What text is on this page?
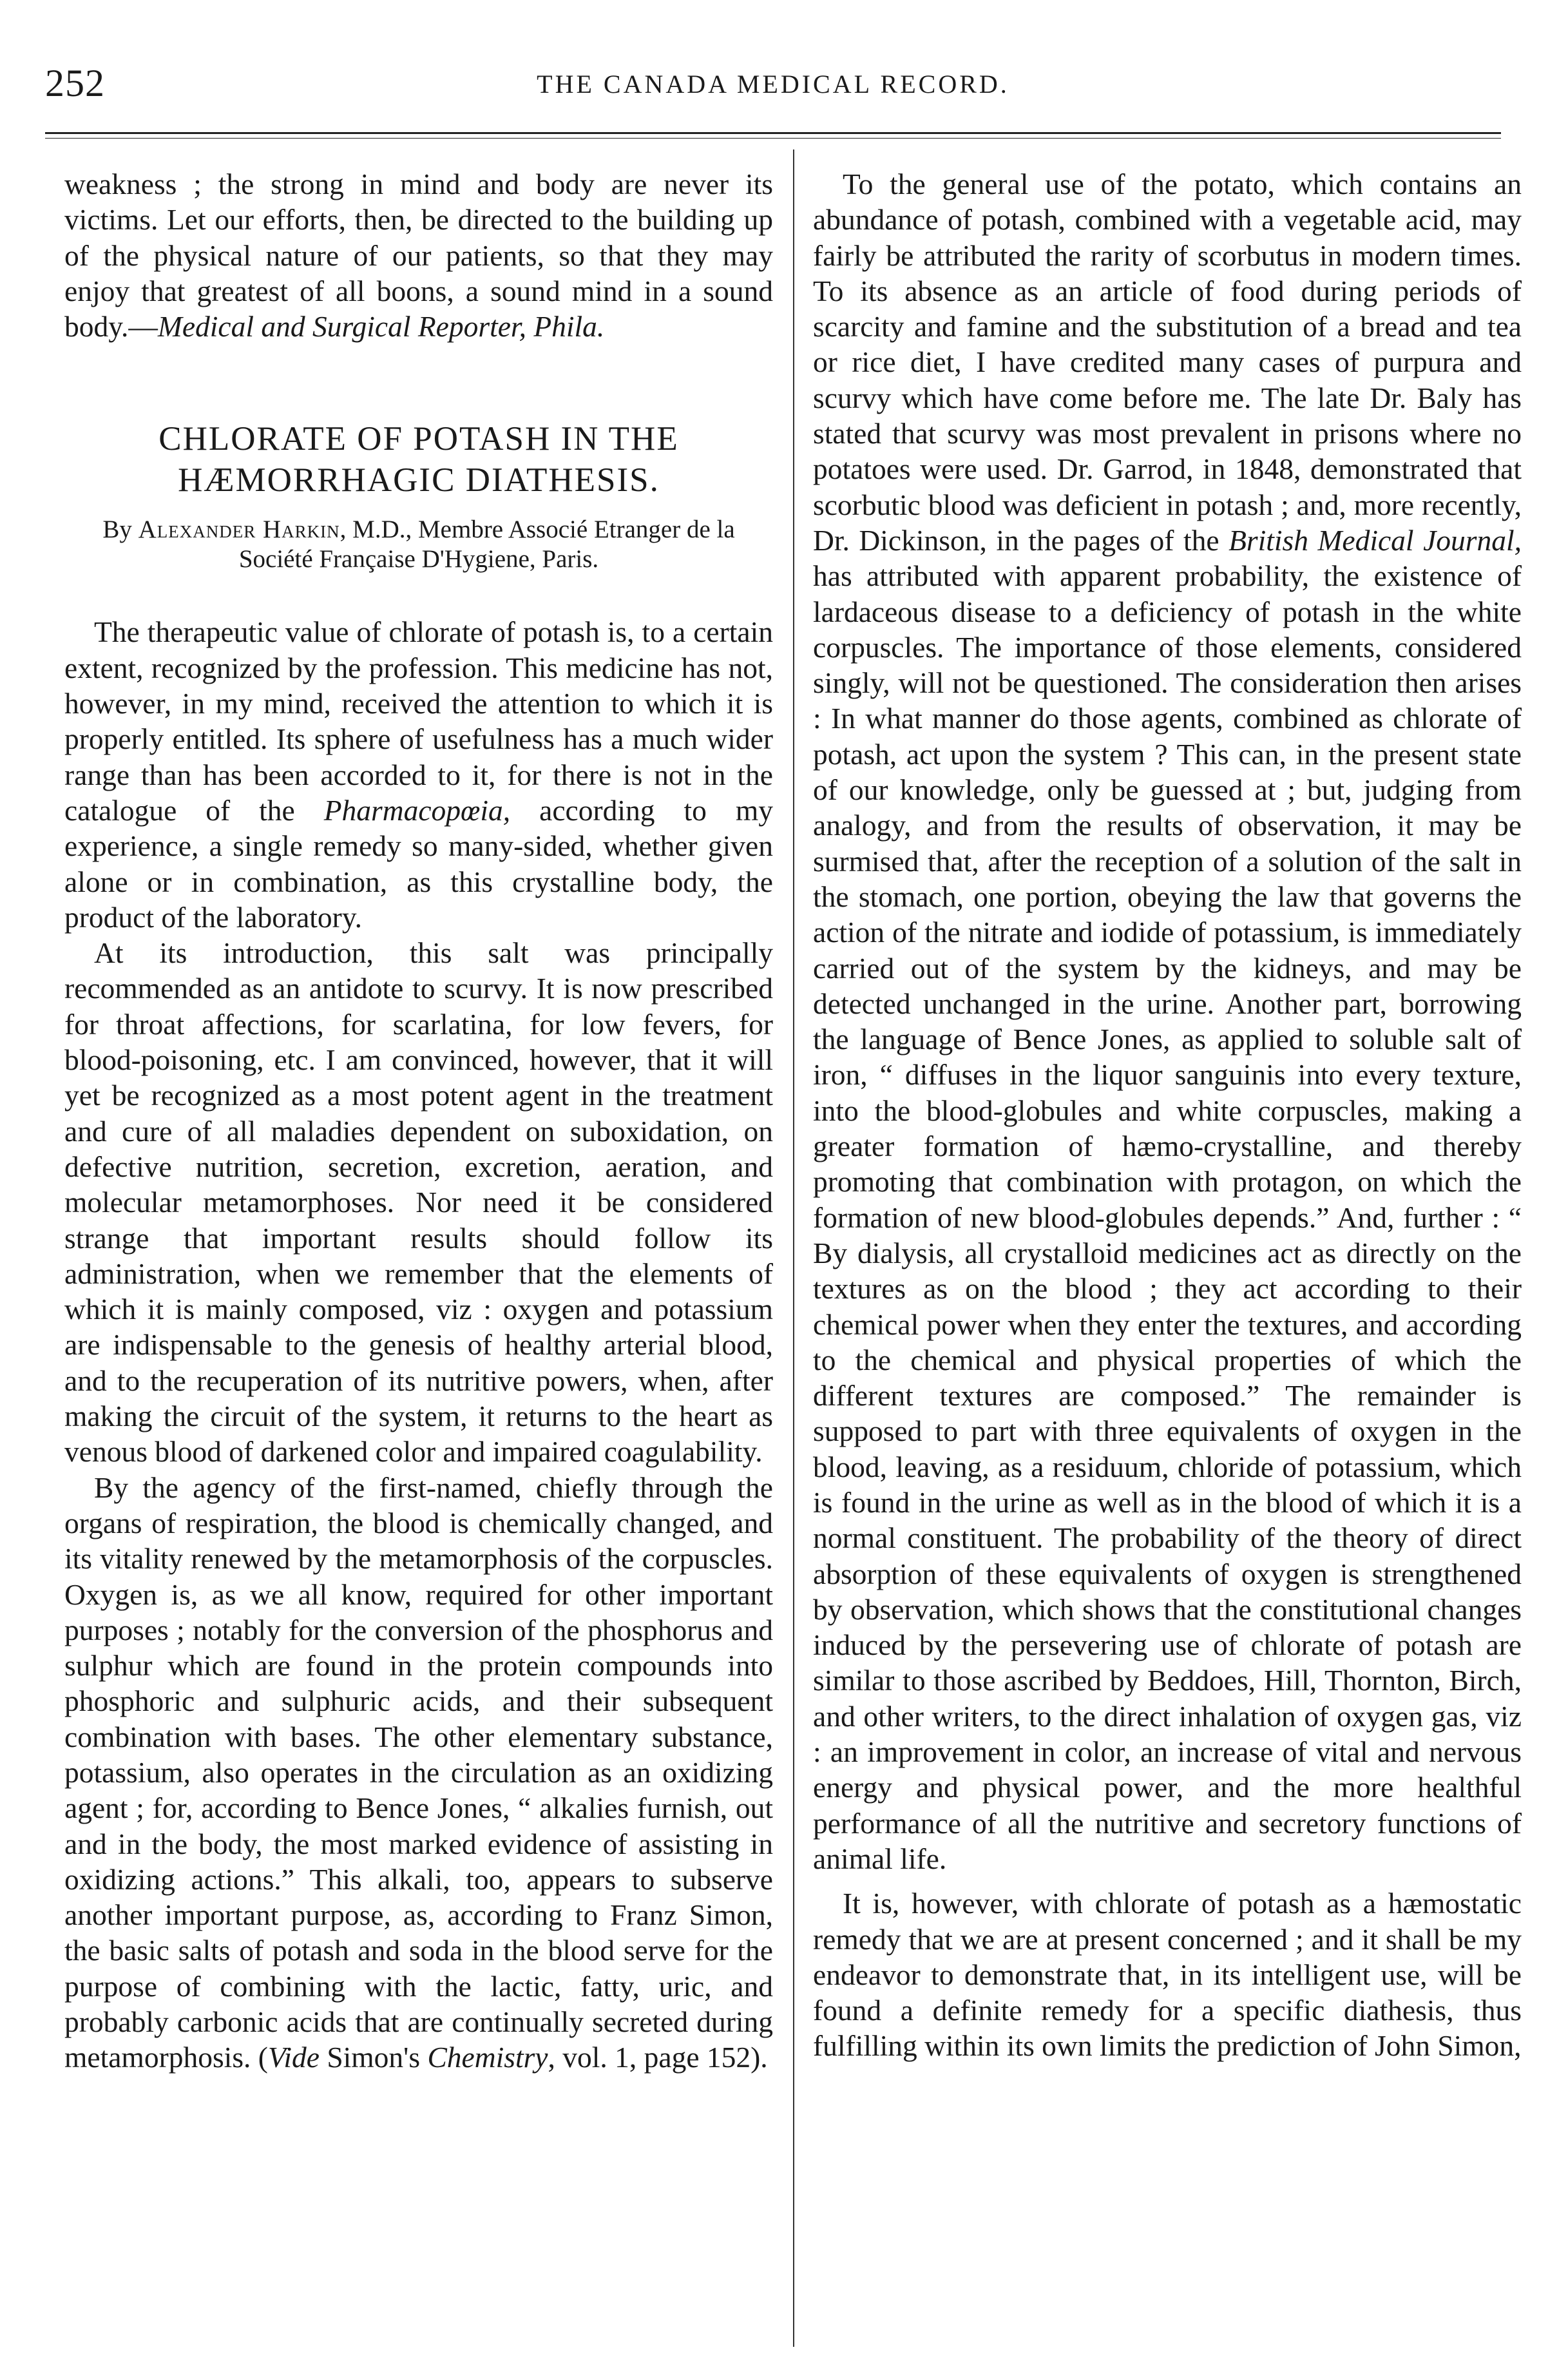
252	THE CANADA MEDICAL RECORD.

weakness ; the strong in mind and body are never its victims. Let our efforts, then, be directed to the building up of the physical nature of our patients, so that they may enjoy that greatest of all boons, a sound mind in a sound body.—Medical and Surgical Reporter, Phila.

CHLORATE OF POTASH IN THE
HÆMORRHAGIC DIATHESIS.
By Alexander Harkin, M.D., Membre Associé Etranger de la Société Française D'Hygiene, Paris.

The therapeutic value of chlorate of potash is, to a certain extent, recognized by the profession. This medicine has not, however, in my mind, received the attention to which it is properly entitled. Its sphere of usefulness has a much wider range than has been accorded to it, for there is not in the catalogue of the Pharmacopœia, according to my experience, a single remedy so many-sided, whether given alone or in combination, as this crystalline body, the product of the laboratory.

At its introduction, this salt was principally recommended as an antidote to scurvy. It is now prescribed for throat affections, for scarlatina, for low fevers, for blood-poisoning, etc. I am convinced, however, that it will yet be recognized as a most potent agent in the treatment and cure of all maladies dependent on suboxidation, on defective nutrition, secretion, excretion, aeration, and molecular metamorphoses. Nor need it be considered strange that important results should follow its administration, when we remember that the elements of which it is mainly composed, viz : oxygen and potassium are indispensable to the genesis of healthy arterial blood, and to the recuperation of its nutritive powers, when, after making the circuit of the system, it returns to the heart as venous blood of darkened color and impaired coagulability.

By the agency of the first-named, chiefly through the organs of respiration, the blood is chemically changed, and its vitality renewed by the metamorphosis of the corpuscles. Oxygen is, as we all know, required for other important purposes ; notably for the conversion of the phosphorus and sulphur which are found in the protein compounds into phosphoric and sulphuric acids, and their subsequent combination with bases. The other elementary substance, potassium, also operates in the circulation as an oxidizing agent ; for, according to Bence Jones, “ alkalies furnish, out and in the body, the most marked evidence of assisting in oxidizing actions.” This alkali, too, appears to subserve another important purpose, as, according to Franz Simon, the basic salts of potash and soda in the blood serve for the purpose of combining with the lactic, fatty, uric, and probably carbonic acids that are continually secreted during metamorphosis. (Vide Simon's Chemistry, vol. 1, page 152).

To the general use of the potato, which contains an abundance of potash, combined with a vegetable acid, may fairly be attributed the rarity of scorbutus in modern times. To its absence as an article of food during periods of scarcity and famine and the substitution of a bread and tea or rice diet, I have credited many cases of purpura and scurvy which have come before me. The late Dr. Baly has stated that scurvy was most prevalent in prisons where no potatoes were used. Dr. Garrod, in 1848, demonstrated that scorbutic blood was deficient in potash ; and, more recently, Dr. Dickinson, in the pages of the British Medical Journal, has attributed with apparent probability, the existence of lardaceous disease to a deficiency of potash in the white corpuscles. The importance of those elements, considered singly, will not be questioned. The consideration then arises : In what manner do those agents, combined as chlorate of potash, act upon the system ? This can, in the present state of our knowledge, only be guessed at ; but, judging from analogy, and from the results of observation, it may be surmised that, after the reception of a solution of the salt in the stomach, one portion, obeying the law that governs the action of the nitrate and iodide of potassium, is immediately carried out of the system by the kidneys, and may be detected unchanged in the urine. Another part, borrowing the language of Bence Jones, as applied to soluble salt of iron, “ diffuses in the liquor sanguinis into every texture, into the blood-globules and white corpuscles, making a greater formation of hæmo-crystalline, and thereby promoting that combination with protagon, on which the formation of new blood-globules depends.” And, further : “ By dialysis, all crystalloid medicines act as directly on the textures as on the blood ; they act according to their chemical power when they enter the textures, and according to the chemical and physical properties of which the different textures are composed.” The remainder is supposed to part with three equivalents of oxygen in the blood, leaving, as a residuum, chloride of potassium, which is found in the urine as well as in the blood of which it is a normal constituent. The probability of the theory of direct absorption of these equivalents of oxygen is strengthened by observation, which shows that the constitutional changes induced by the persevering use of chlorate of potash are similar to those ascribed by Beddoes, Hill, Thornton, Birch, and other writers, to the direct inhalation of oxygen gas, viz : an improvement in color, an increase of vital and nervous energy and physical power, and the more healthful performance of all the nutritive and secretory functions of animal life.

It is, however, with chlorate of potash as a hæmostatic remedy that we are at present concerned ; and it shall be my endeavor to demonstrate that, in its intelligent use, will be found a definite remedy for a specific diathesis, thus fulfilling within its own limits the prediction of John Simon,
